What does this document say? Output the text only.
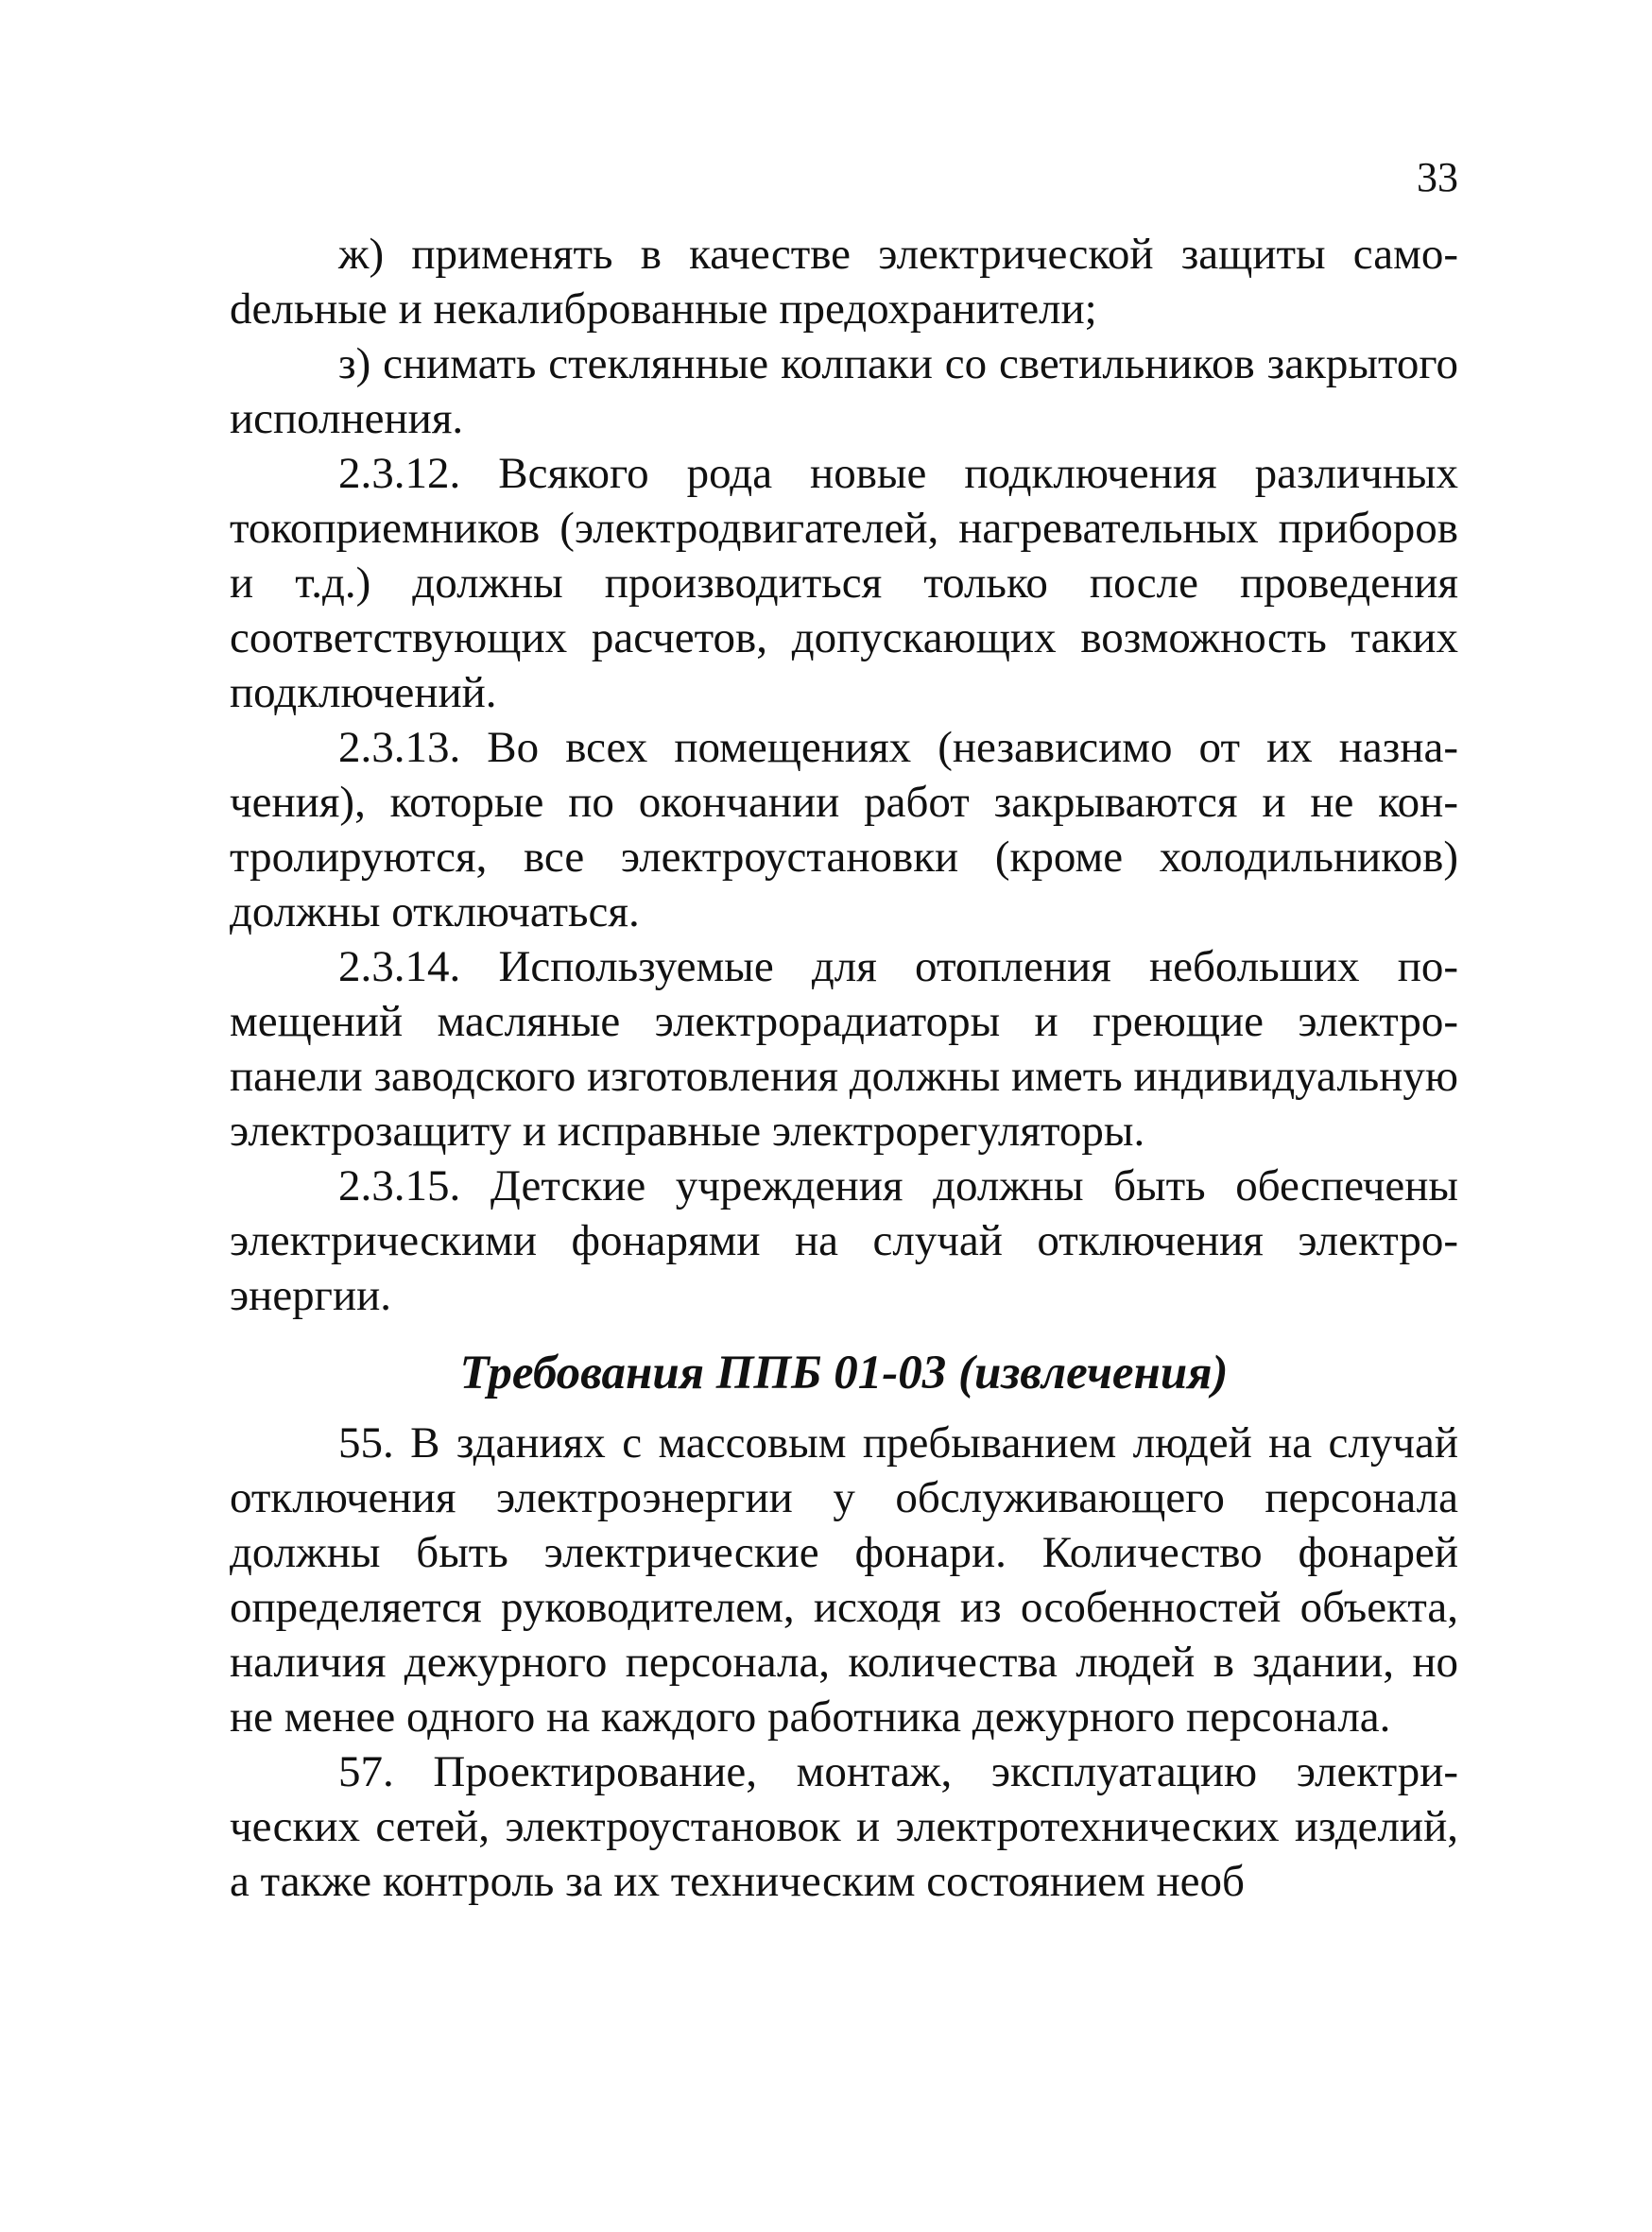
33

ж) применять в качестве электрической защиты самоdельные и некалиброванные предохранители;

з) снимать стеклянные колпаки со светильников закрытого исполнения.

2.3.12. Всякого рода новые подключения различных токоприемников (электродвигателей, нагревательных приборов и т.д.) должны производиться только после проведения соответствующих расчетов, допускающих возможность таких подключений.

2.3.13. Во всех помещениях (независимо от их назначения), которые по окончании работ закрываются и не контролируются, все электроустановки (кроме холодильников) должны отключаться.

2.3.14. Используемые для отопления небольших помещений масляные электрорадиаторы и греющие электропанели заводского изготовления должны иметь индивидуальную электрозащиту и исправные электрорегуляторы.

2.3.15. Детские учреждения должны быть обеспечены электрическими фонарями на случай отключения электроэнергии.

Требования ППБ 01-03 (извлечения)

55. В зданиях с массовым пребыванием людей на случай отключения электроэнергии у обслуживающего персонала должны быть электрические фонари. Количество фонарей определяется руководителем, исходя из особенностей объекта, наличия дежурного персонала, количества людей в здании, но не менее одного на каждого работника дежурного персонала.

57. Проектирование, монтаж, эксплуатацию электрических сетей, электроустановок и электротехнических изделий, а также контроль за их техническим состоянием необ
